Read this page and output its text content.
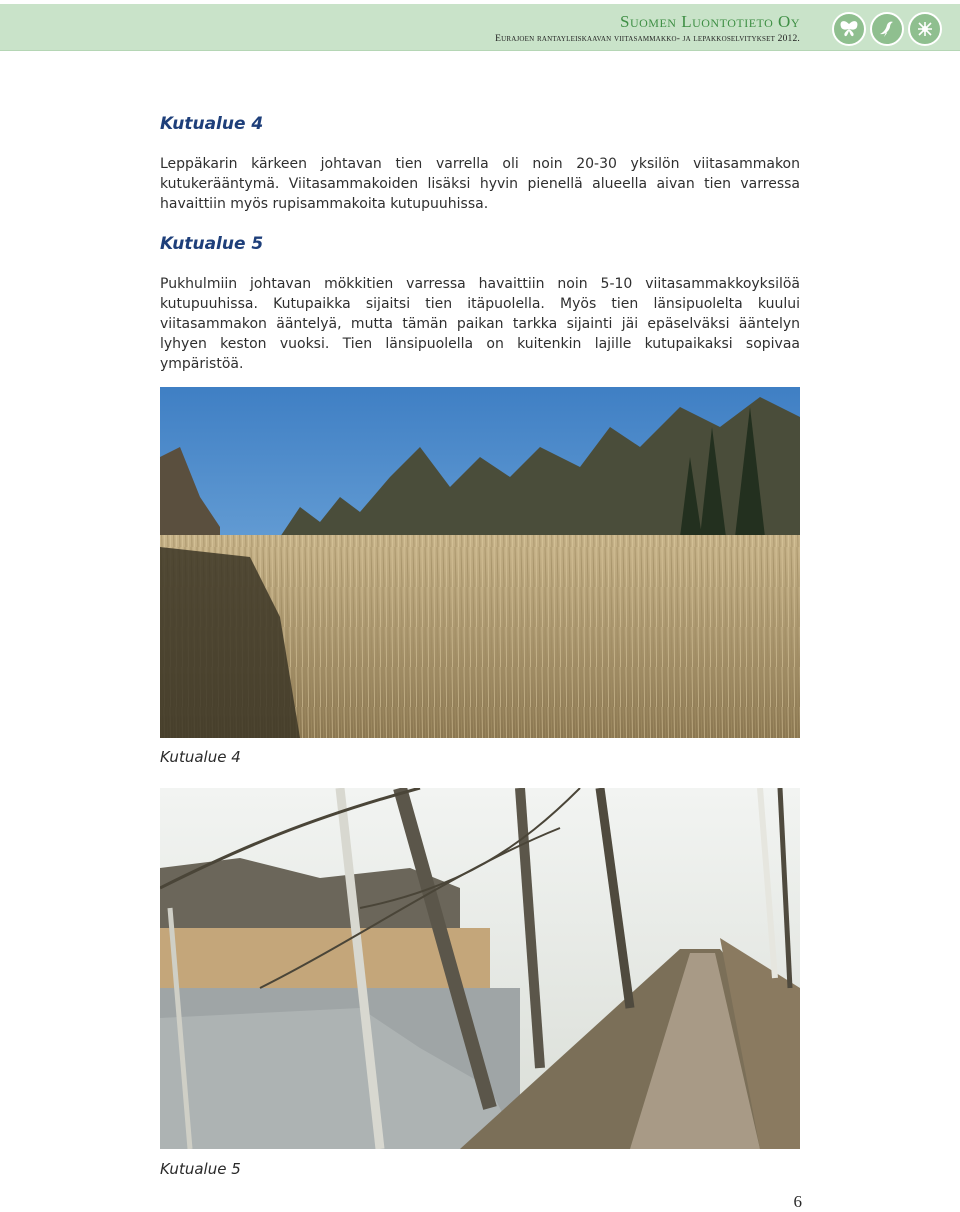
Suomen Luontotieto Oy
Eurajoen rantayleiskaavan viitasammakko- ja lepakkoselvitykset 2012.
Kutualue 4

Leppäkarin kärkeen johtavan tien varrella oli noin 20-30 yksilön viitasammakon kutukerääntymä. Viitasammakoiden lisäksi hyvin pienellä alueella aivan tien varressa havaittiin myös rupisammakoita kutupuuhissa.

Kutualue 5

Pukhulmiin johtavan mökkitien varressa havaittiin noin 5-10 viitasammakkoyksilöä kutupuuhissa. Kutupaikka sijaitsi tien itäpuolella. Myös tien länsipuolelta kuului viitasammakon ääntelyä, mutta tämän paikan tarkka sijainti jäi epäselväksi ääntelyn lyhyen keston vuoksi. Tien länsipuolella on kuitenkin lajille kutupaikaksi sopivaa ympäristöä.

Kutualue 4
Kutualue 5
6
